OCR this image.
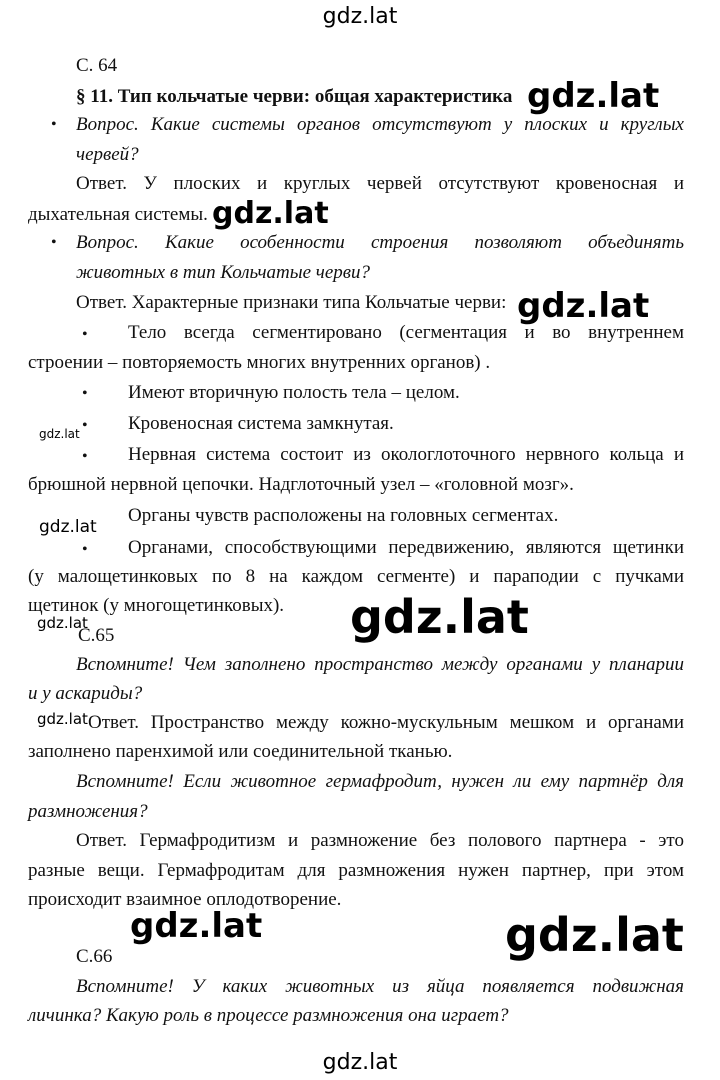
gdz.lat
С. 64
§ 11. Тип кольчатые черви: общая характеристика gdz.lat
• Вопрос. Какие системы органов отсутствуют у плоских и круглых
червей?
Ответ. У плоских и круглых червей отсутствуют кровеносная и
дыхательная системы. gdz.lat
• Вопрос. Какие особенности строения позволяют объединять
животных в тип Кольчатые черви?
Ответ. Характерные признаки типа Кольчатые черви: gdz.lat
• Тело всегда сегментировано (сегментация и во внутреннем
строении – повторяемость многих внутренних органов) .
• Имеют вторичную полость тела – целом.
gdz.lat • Кровеносная система замкнутая.
• Нервная система состоит из окологлоточного нервного кольца и
брюшной нервной цепочки. Надглоточный узел – «головной мозг».
gdz.lat
Органы чувств расположены на головных сегментах.
• Органами, способствующими передвижению, являются щетинки
(у малощетинковых по 8 на каждом сегменте) и параподии с пучками
щетинок (у многощетинковых).
gdz.lat
С.65	gdz.lat
Вспомните! Чем заполнено пространство между органами у планарии
и у аскариды?
gdz.lat Ответ. Пространство между кожно-мускульным мешком и органами
заполнено паренхимой или соединительной тканью.
Вспомните! Если животное гермафродит, нужен ли ему партнёр для
размножения?
Ответ. Гермафродитизм и размножение без полового партнера - это
разные вещи. Гермафродитам для размножения нужен партнер, при этом
происходит взаимное оплодотворение.
gdz.lat	gdz.lat
С.66
Вспомните! У каких животных из яйца появляется подвижная
личинка? Какую роль в процессе размножения она играет?
gdz.lat
